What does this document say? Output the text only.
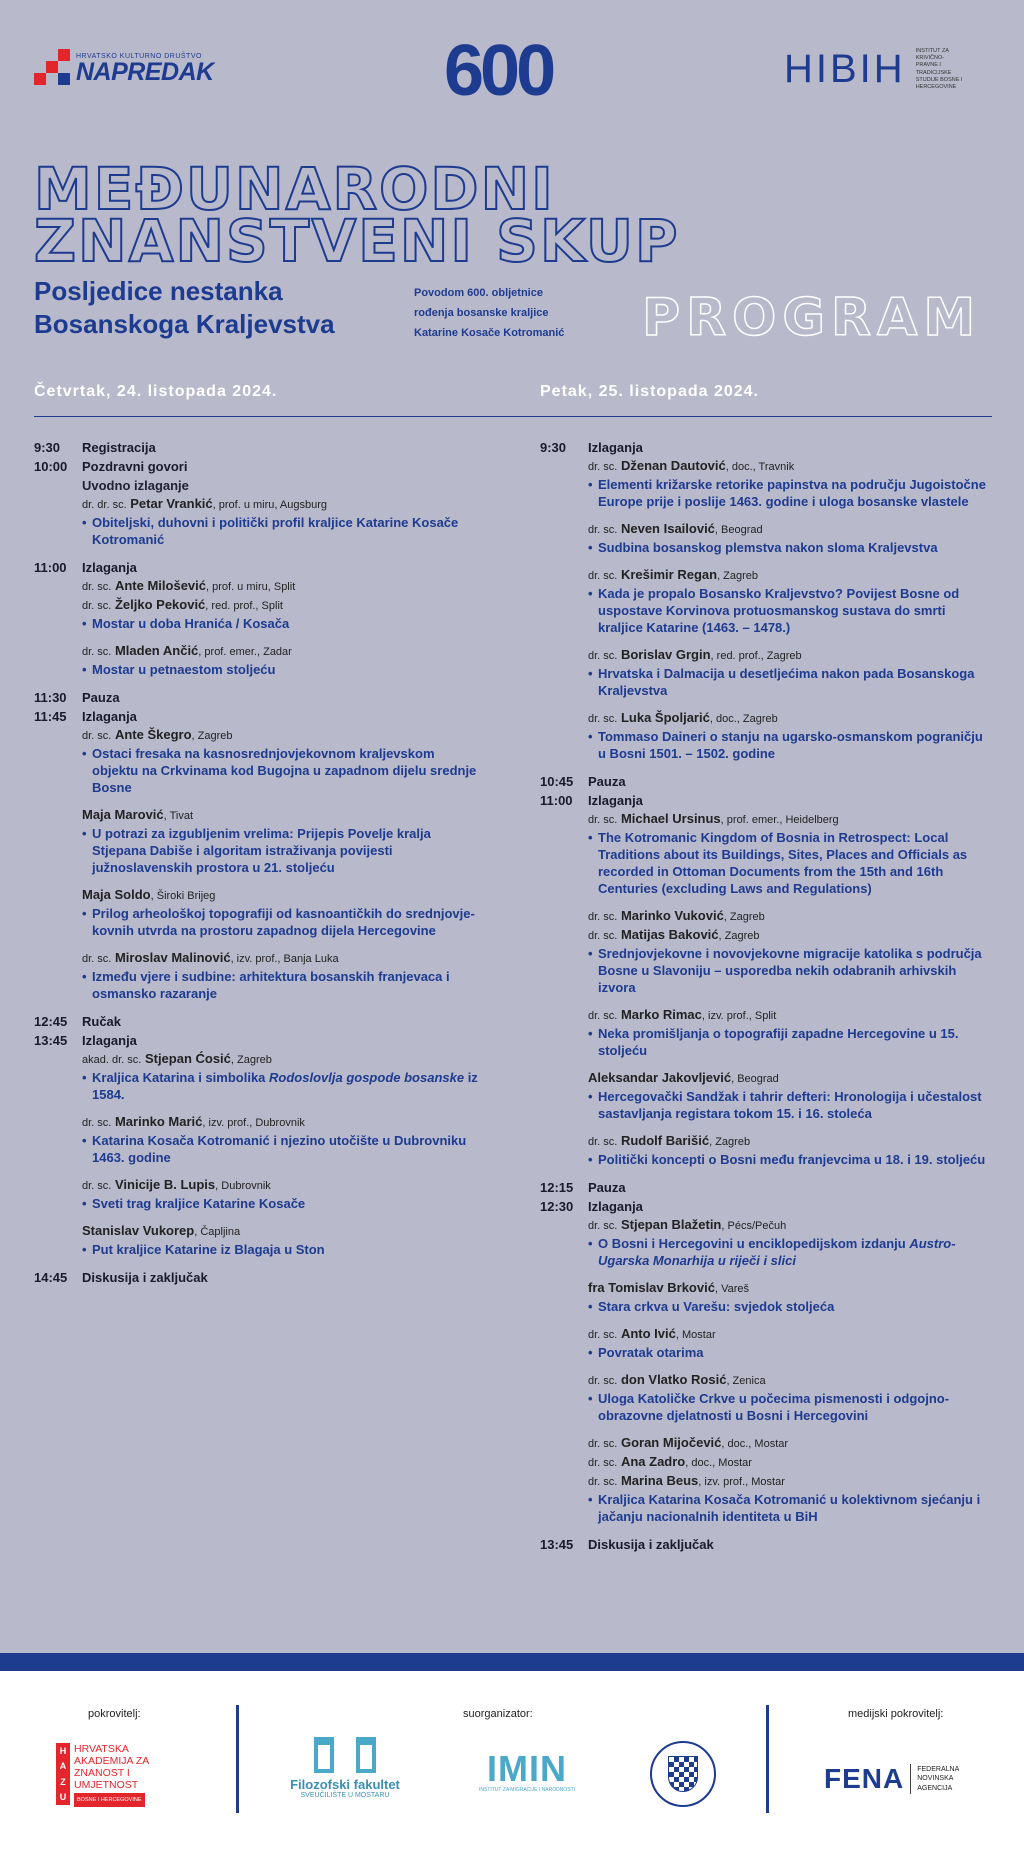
HRVATSKO KULTURNO DRUŠTVO
NAPREDAK	600	HIBIH INSTITUT ZA KRIVIČNO-PRAVNE I TRADICIJSKE STUDIJE BOSNE I HERCEGOVINE
MEĐUNARODNI
ZNANSTVENI SKUP
Posljedice nestanka
Bosanskoga Kraljevstva
Povodom 600. obljetnice
rođenja bosanske kraljice
Katarine Kosače Kotromanić PROGRAM
Četvrtak, 24. listopada 2024.	Petak, 25. listopada 2024.
9:30	Registracija
10:00	Pozdravni govori
Uvodno izlaganje
dr. dr. sc. Petar Vrankić, prof. u miru, Augsburg
• Obiteljski, duhovni i politički profil kraljice Katarine Kosače Kotromanić
11:00	Izlaganja
dr. sc. Ante Milošević, prof. u miru, Split
dr. sc. Željko Peković, red. prof., Split
• Mostar u doba Hranića / Kosača
dr. sc. Mladen Ančić, prof. emer., Zadar
• Mostar u petnaestom stoljeću
11:30	Pauza
11:45	Izlaganja
dr. sc. Ante Škegro, Zagreb
• Ostaci fresaka na kasnosrednjovjekovnom kraljevskom objektu na Crkvinama kod Bugojna u zapadnom dijelu srednje Bosne
Maja Marović, Tivat
• U potrazi za izgubljenim vrelima: Prijepis Povelje kralja Stjepana Dabiše i algoritam istraživanja povijesti južnoslavenskih prostora u 21. stoljeću
Maja Soldo, Široki Brijeg
• Prilog arheološkoj topografiji od kasnoantičkih do srednjovje-kovnih utvrda na prostoru zapadnog dijela Hercegovine
dr. sc. Miroslav Malinović, izv. prof., Banja Luka
• Između vjere i sudbine: arhitektura bosanskih franjevaca i osmansko razaranje
12:45	Ručak
13:45	Izlaganja
akad. dr. sc. Stjepan Ćosić, Zagreb
• Kraljica Katarina i simbolika Rodoslovlja gospode bosanske iz 1584.
dr. sc. Marinko Marić, izv. prof., Dubrovnik
• Katarina Kosača Kotromanić i njezino utočište u Dubrovniku 1463. godine
dr. sc. Vinicije B. Lupis, Dubrovnik
• Sveti trag kraljice Katarine Kosače
Stanislav Vukorep, Čapljina
• Put kraljice Katarine iz Blagaja u Ston
14:45	Diskusija i zaključak
9:30	Izlaganja
dr. sc. Dženan Dautović, doc., Travnik
• Elementi križarske retorike papinstva na području Jugoistočne Europe prije i poslije 1463. godine i uloga bosanske vlastele
dr. sc. Neven Isailović, Beograd
• Sudbina bosanskog plemstva nakon sloma Kraljevstva
dr. sc. Krešimir Regan, Zagreb
• Kada je propalo Bosansko Kraljevstvo? Povijest Bosne od uspostave Korvinova protuosmanskog sustava do smrti kraljice Katarine (1463. – 1478.)
dr. sc. Borislav Grgin, red. prof., Zagreb
• Hrvatska i Dalmacija u desetljećima nakon pada Bosanskoga Kraljevstva
dr. sc. Luka Špoljarić, doc., Zagreb
• Tommaso Daineri o stanju na ugarsko-osmanskom pograničju u Bosni 1501. – 1502. godine
10:45	Pauza
11:00	Izlaganja
dr. sc. Michael Ursinus, prof. emer., Heidelberg
• The Kotromanic Kingdom of Bosnia in Retrospect: Local Traditions about its Buildings, Sites, Places and Officials as recorded in Ottoman Documents from the 15th and 16th Centuries (excluding Laws and Regulations)
dr. sc. Marinko Vuković, Zagreb
dr. sc. Matijas Baković, Zagreb
• Srednjovjekovne i novovjekovne migracije katolika s područja Bosne u Slavoniju – usporedba nekih odabranih arhivskih izvora
dr. sc. Marko Rimac, izv. prof., Split
• Neka promišljanja o topografiji zapadne Hercegovine u 15. stoljeću
Aleksandar Jakovljević, Beograd
• Hercegovački Sandžak i tahrir defteri: Hronologija i učestalost sastavljanja registara tokom 15. i 16. stoleća
dr. sc. Rudolf Barišić, Zagreb
• Politički koncepti o Bosni među franjevcima u 18. i 19. stoljeću
12:15	Pauza
12:30	Izlaganja
dr. sc. Stjepan Blažetin, Pécs/Pečuh
• O Bosni i Hercegovini u enciklopedijskom izdanju Austro-Ugarska Monarhija u riječi i slici
fra Tomislav Brković, Vareš
• Stara crkva u Varešu: svjedok stoljeća
dr. sc. Anto Ivić, Mostar
• Povratak otarima
dr. sc. don Vlatko Rosić, Zenica
• Uloga Katoličke Crkve u počecima pismenosti i odgojno-obrazovne djelatnosti u Bosni i Hercegovini
dr. sc. Goran Mijočević, doc., Mostar
dr. sc. Ana Zadro, doc., Mostar
dr. sc. Marina Beus, izv. prof., Mostar
• Kraljica Katarina Kosača Kotromanić u kolektivnom sjećanju i jačanju nacionalnih identiteta u BiH
13:45	Diskusija i zaključak
pokrovitelj:	suorganizator:	medijski pokrovitelj:
H
A
Z
U
HRVATSKA
AKADEMIJA ZA
ZNANOST I
UMJETNOST
BOSNE I HERCEGOVINE
Filozofski fakultet
SVEUČILIŠTE U MOSTARU
IMIN
INSTITUT ZA MIGRACIJE I NARODNOSTI	FENA FEDERALNA
NOVINSKA
AGENCIJA
